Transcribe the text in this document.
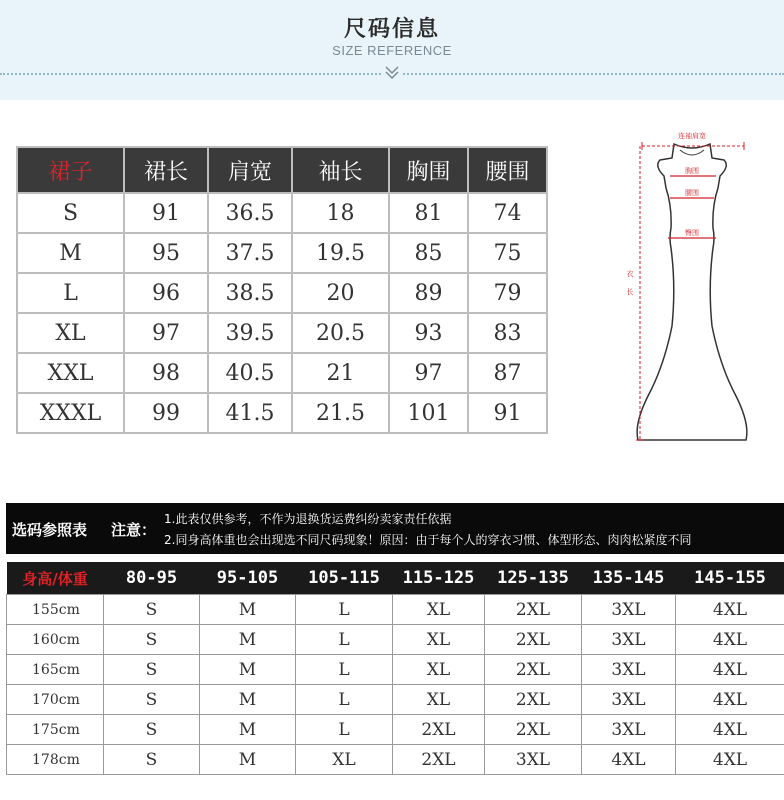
尺码信息
SIZE REFERENCE
裙子	裙长	肩宽	袖长	胸围	腰围
S	91	36.5	18	81	74
M	95	37.5	19.5	85	75
L	96	38.5	20	89	79
XL	97	39.5	20.5	93	83
XXL	98	40.5	21	97	87
XXXL	99	41.5	21.5	101	91
连袖肩宽
胸围
腰围
臀围
衣
长
选码参照表 注意：
1.此表仅供参考，不作为退换货运费纠纷卖家责任依据
2.同身高体重也会出现选不同尺码现象！原因：由于每个人的穿衣习惯、体型形态、肉肉松紧度不同
身高/体重	80-95	95-105	105-115	115-125	125-135	135-145	145-155
155cm	S	M	L	XL	2XL	3XL	4XL
160cm	S	M	L	XL	2XL	3XL	4XL
165cm	S	M	L	XL	2XL	3XL	4XL
170cm	S	M	L	XL	2XL	3XL	4XL
175cm	S	M	L	2XL	2XL	3XL	4XL
178cm	S	M	XL	2XL	3XL	4XL	4XL
